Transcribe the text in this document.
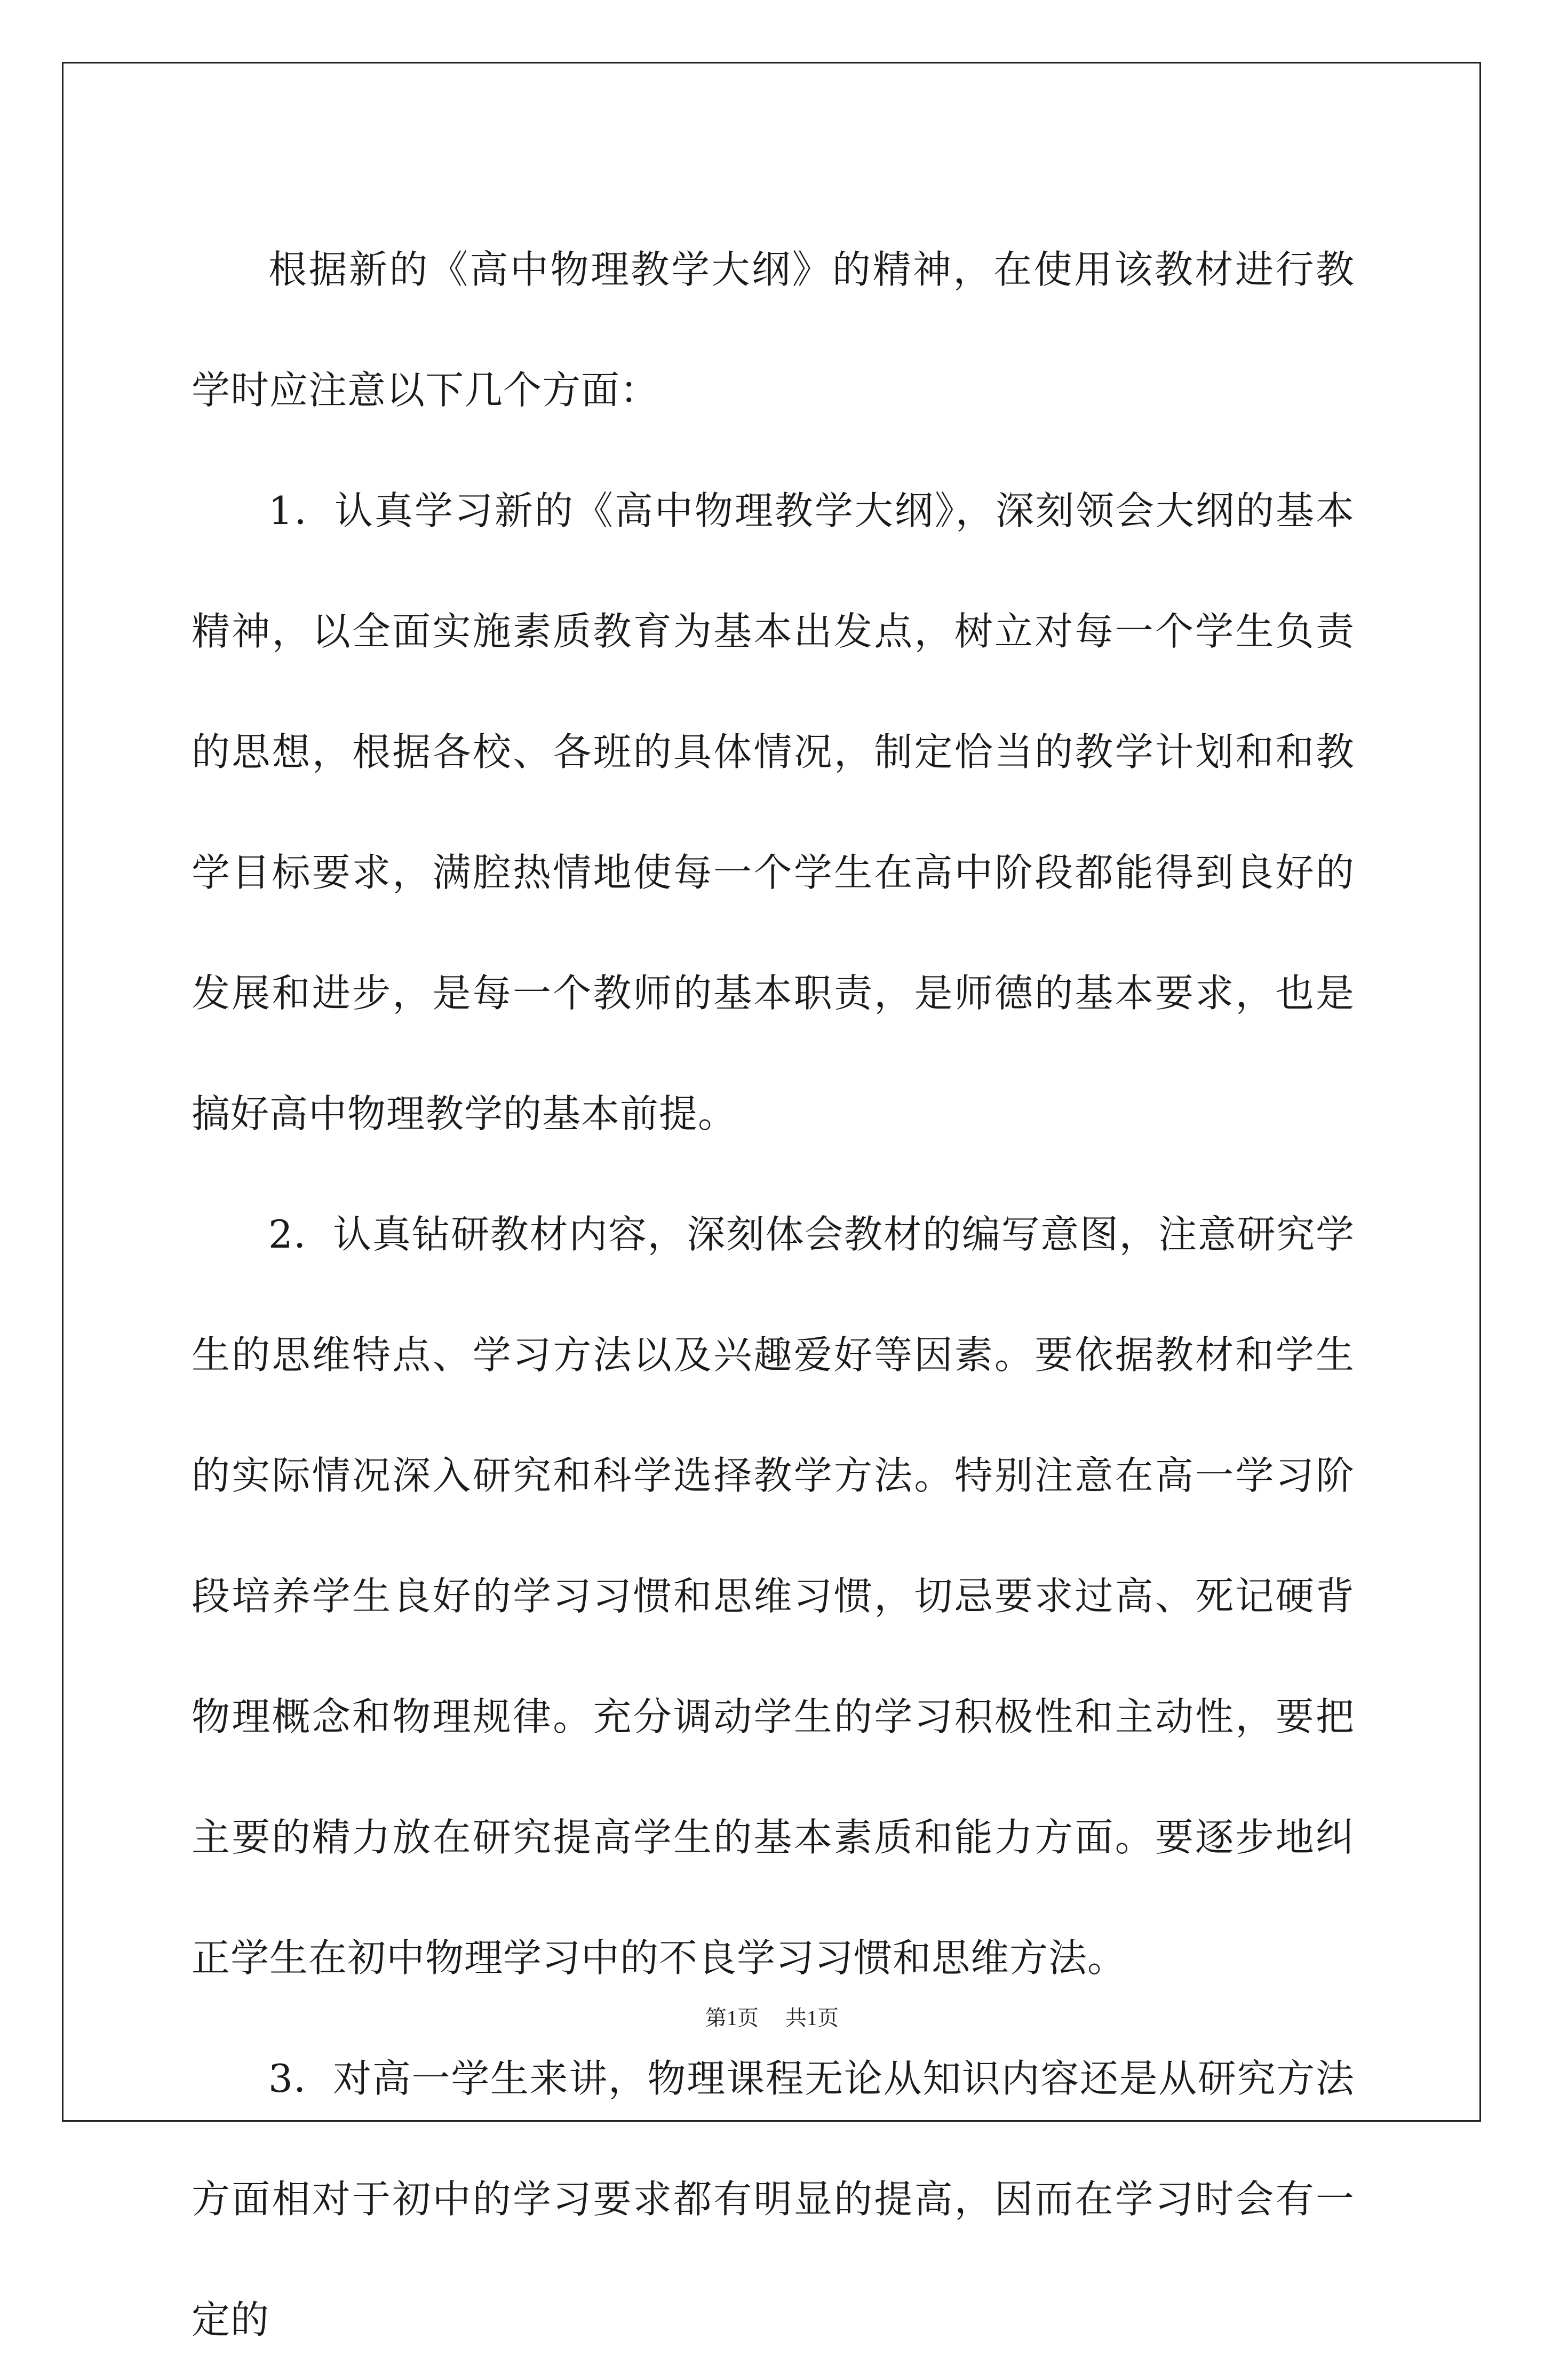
根据新的《高中物理教学大纲》的精神，在使用该教材进行教学时应注意以下几个方面：

1．认真学习新的《高中物理教学大纲》，深刻领会大纲的基本精神，以全面实施素质教育为基本出发点，树立对每一个学生负责的思想，根据各校、各班的具体情况，制定恰当的教学计划和和教学目标要求，满腔热情地使每一个学生在高中阶段都能得到良好的发展和进步，是每一个教师的基本职责，是师德的基本要求，也是搞好高中物理教学的基本前提。

2．认真钻研教材内容，深刻体会教材的编写意图，注意研究学生的思维特点、学习方法以及兴趣爱好等因素。要依据教材和学生的实际情况深入研究和科学选择教学方法。特别注意在高一学习阶段培养学生良好的学习习惯和思维习惯，切忌要求过高、死记硬背物理概念和物理规律。充分调动学生的学习积极性和主动性，要把主要的精力放在研究提高学生的基本素质和能力方面。要逐步地纠正学生在初中物理学习中的不良学习习惯和思维方法。

3．对高一学生来讲，物理课程无论从知识内容还是从研究方法方面相对于初中的学习要求都有明显的提高，因而在学习时会有一定的

第1页 共1页
